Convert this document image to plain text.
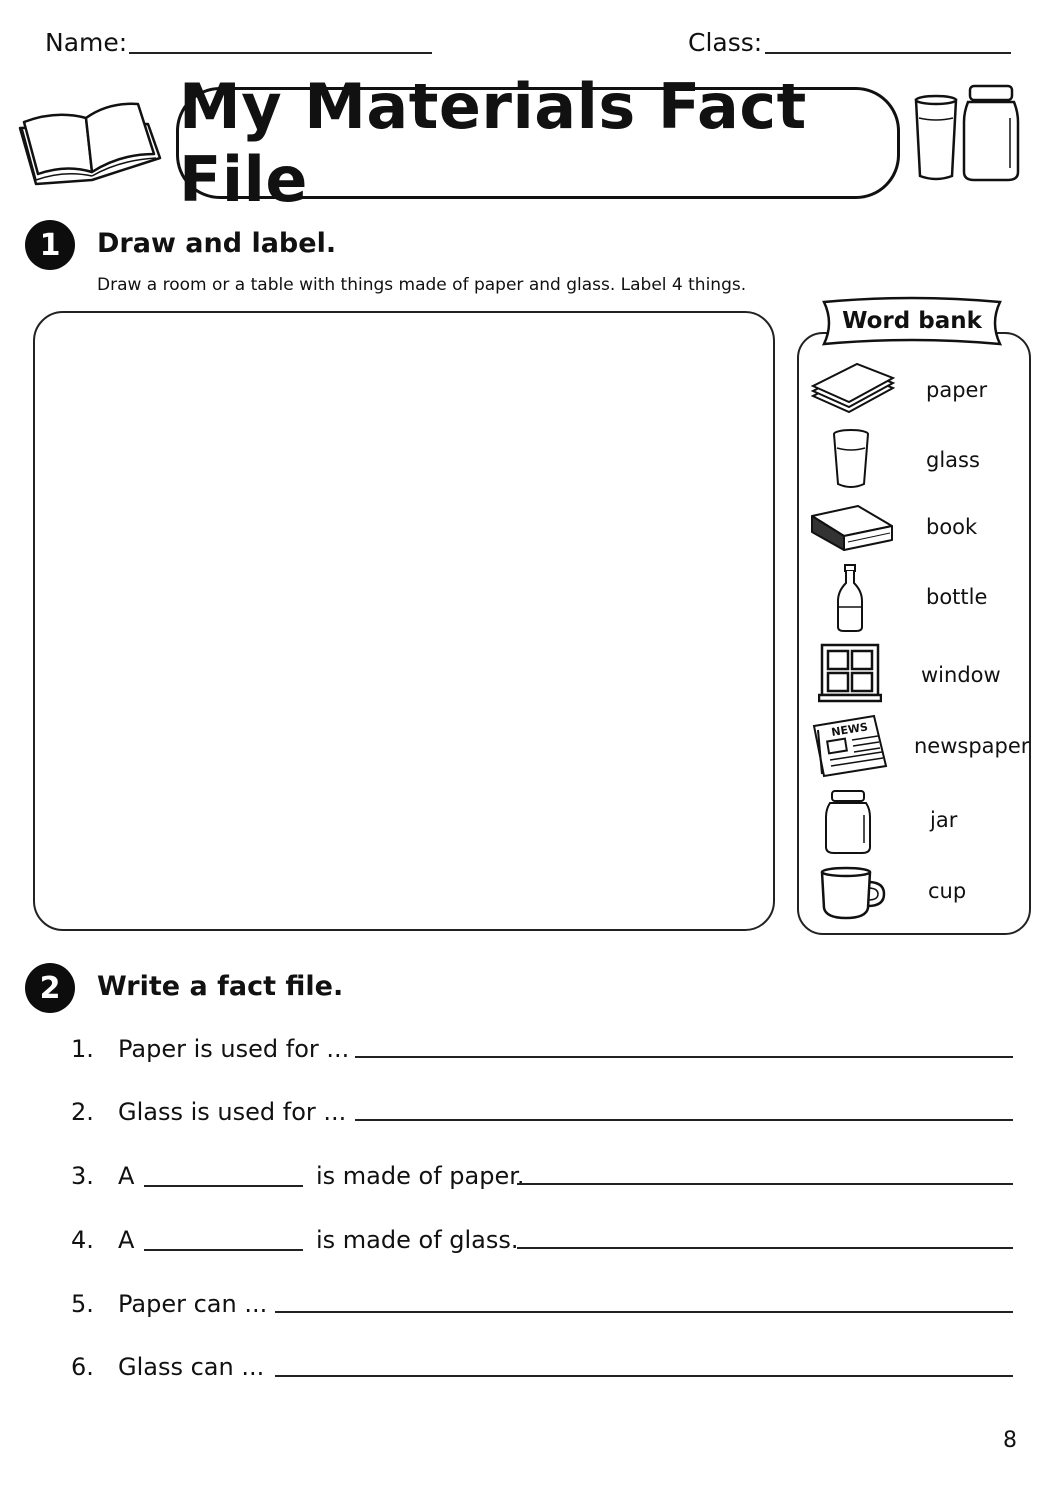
Name:	Class:
My Materials Fact File
1	Draw and label.
Draw a room or a table with things made of paper and glass. Label 4 things.
Word bank
paper
glass
book
bottle
window
NEWS
newspaper
jar
cup
2	Write a fact file.
1. Paper is used for ...
2. Glass is used for ...
3. A	is made of paper.
4. A	is made of glass.
5. Paper can ...
6. Glass can ...
8
